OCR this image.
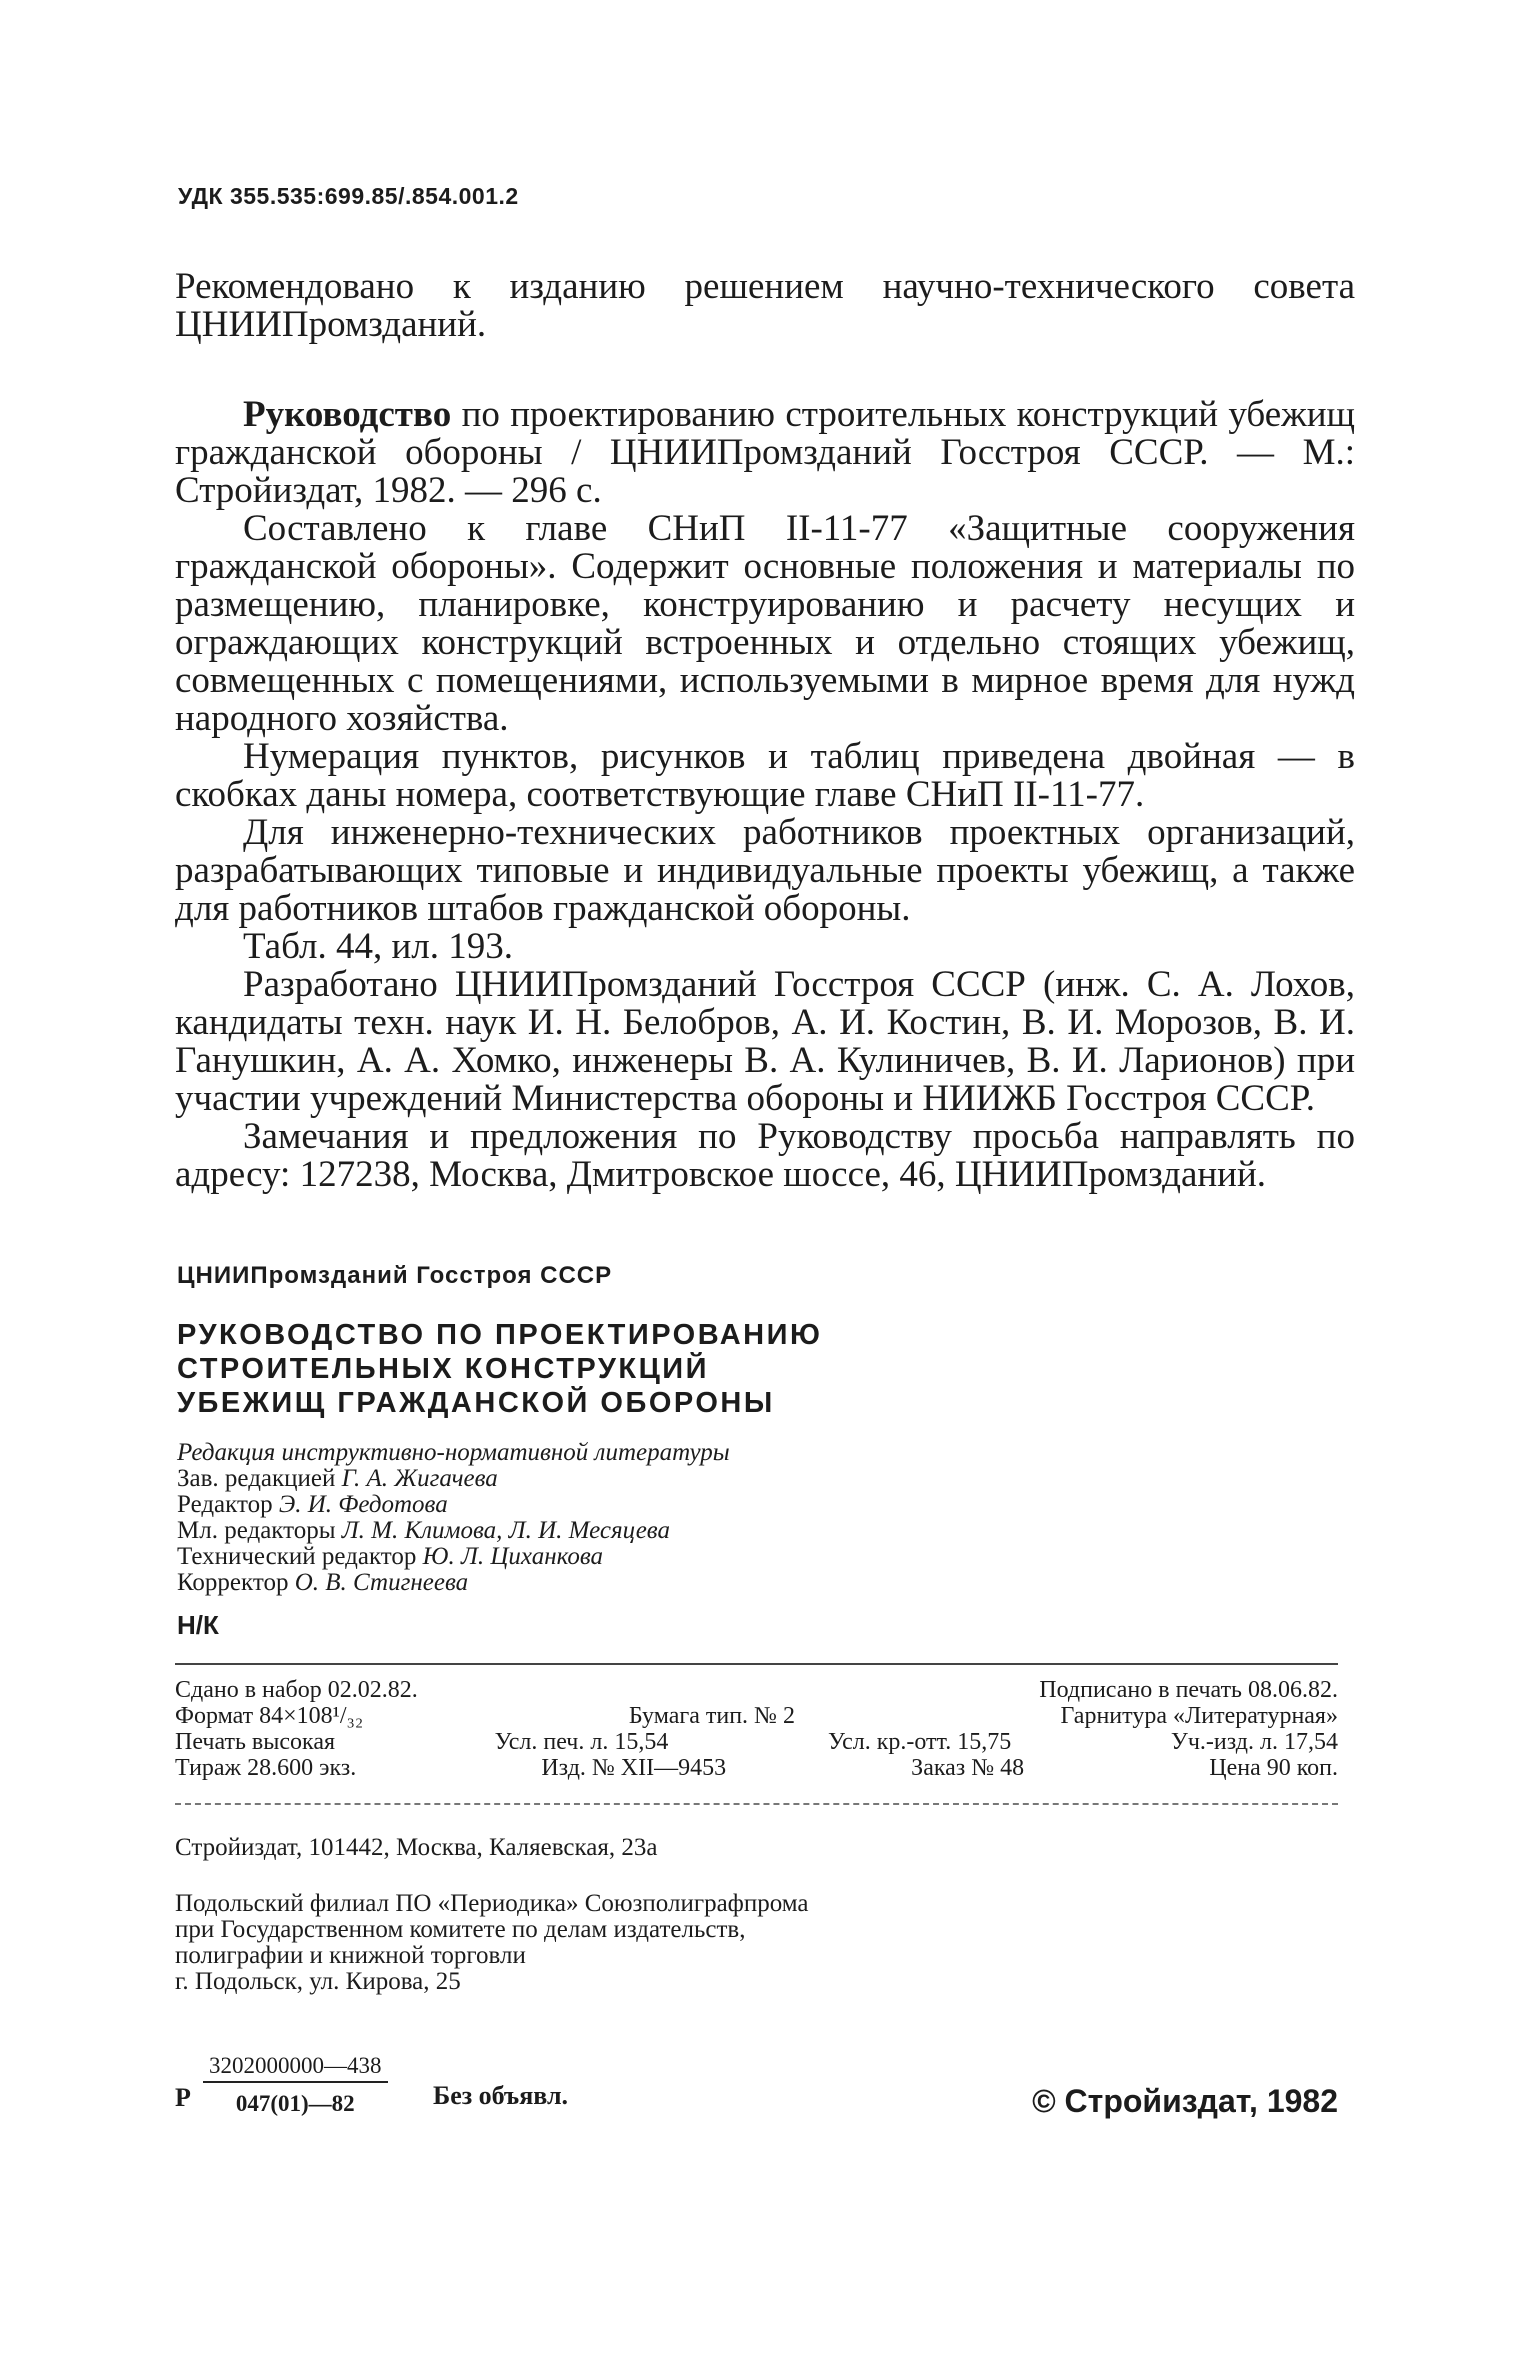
УДК 355.535:699.85/.854.001.2
Рекомендовано к изданию решением научно-технического совета ЦНИИПромзданий.

Руководство по проектированию строительных конструкций убежищ гражданской обороны / ЦНИИПромзданий Госстроя СССР. — М.: Стройиздат, 1982. — 296 с.

Составлено к главе СНиП II-11-77 «Защитные сооружения гражданской обороны». Содержит основные положения и материалы по размещению, планировке, конструированию и расчету несущих и ограждающих конструкций встроенных и отдельно стоящих убежищ, совмещенных с помещениями, используемыми в мирное время для нужд народного хозяйства.

Нумерация пунктов, рисунков и таблиц приведена двойная — в скобках даны номера, соответствующие главе СНиП II-11-77.

Для инженерно-технических работников проектных организаций, разрабатывающих типовые и индивидуальные проекты убежищ, а также для работников штабов гражданской обороны.

Табл. 44, ил. 193.

Разработано ЦНИИПромзданий Госстроя СССР (инж. С. А. Лохов, кандидаты техн. наук И. Н. Белобров, А. И. Костин, В. И. Морозов, В. И. Ганушкин, А. А. Хомко, инженеры В. А. Кулиничев, В. И. Ларионов) при участии учреждений Министерства обороны и НИИЖБ Госстроя СССР.

Замечания и предложения по Руководству просьба направлять по адресу: 127238, Москва, Дмитровское шоссе, 46, ЦНИИПромзданий.

ЦНИИПромзданий Госстроя СССР
РУКОВОДСТВО ПО ПРОЕКТИРОВАНИЮ
СТРОИТЕЛЬНЫХ КОНСТРУКЦИЙ
УБЕЖИЩ ГРАЖДАНСКОЙ ОБОРОНЫ
Редакция инструктивно-нормативной литературы
Зав. редакцией Г. А. Жигачева
Редактор Э. И. Федотова
Мл. редакторы Л. М. Климова, Л. И. Месяцева
Технический редактор Ю. Л. Циханкова
Корректор О. В. Стигнеева
Н/К
Сдано в набор 02.02.82.	Подписано в печать 08.06.82.
Формат 84×108¹/₃₂	Бумага тип. № 2	Гарнитура «Литературная»
Печать высокая	Усл. печ. л. 15,54	Усл. кр.-отт. 15,75	Уч.-изд. л. 17,54
Тираж 28.600 экз.	Изд. № XII—9453	Заказ № 48	Цена 90 коп.
Стройиздат, 101442, Москва, Каляевская, 23а
Подольский филиал ПО «Периодика» Союзполиграфпрома
при Государственном комитете по делам издательств,
полиграфии и книжной торговли
г. Подольск, ул. Кирова, 25
Р $\frac{3202000000—438}{047(01)—82}$ Без объявл.	© Стройиздат, 1982
